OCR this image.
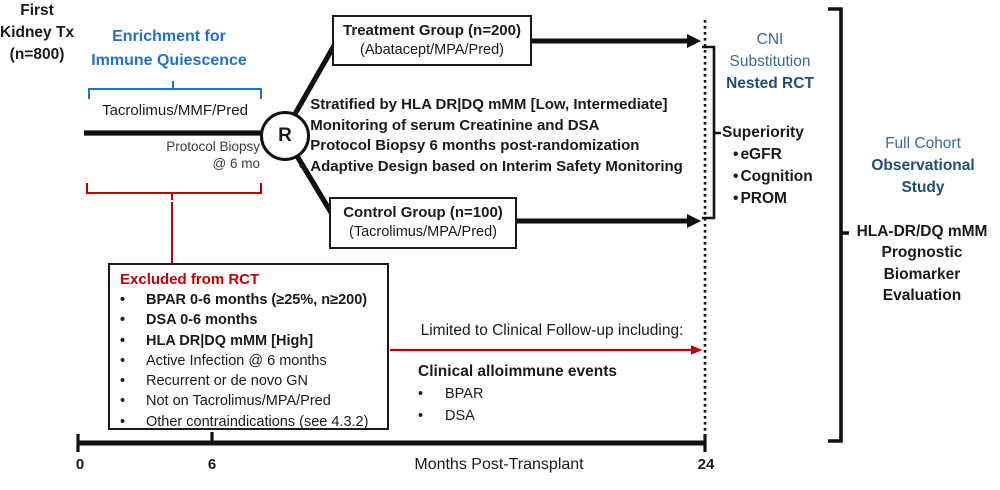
First
Kidney Tx
(n=800)
Enrichment for
Immune Quiescence
Tacrolimus/MMF/Pred
Protocol Biopsy
@ 6 mo
R
Treatment Group (n=200)
(Abatacept/MPA/Pred)
Control Group (n=100)
(Tacrolimus/MPA/Pred)
• Stratified by HLA DR|DQ mMM [Low, Intermediate]
• Monitoring of serum Creatinine and DSA
• Protocol Biopsy 6 months post-randomization
• Adaptive Design based on Interim Safety Monitoring
CNI
Substitution
Nested RCT
Superiority
• eGFR
• Cognition
• PROM
Full Cohort
Observational
Study
HLA-DR/DQ mMM
Prognostic
Biomarker
Evaluation
Excluded from RCT
•
BPAR 0-6 months (≥25%, n≥200)
•
DSA 0-6 months
•
HLA DR|DQ mMM [High]
•
Active Infection @ 6 months
•
Recurrent or de novo GN
•
Not on Tacrolimus/MPA/Pred
•
Other contraindications (see 4.3.2)
Limited to Clinical Follow-up including:
Clinical alloimmune events
•
BPAR
•
DSA
0	6	Months Post-Transplant	24
